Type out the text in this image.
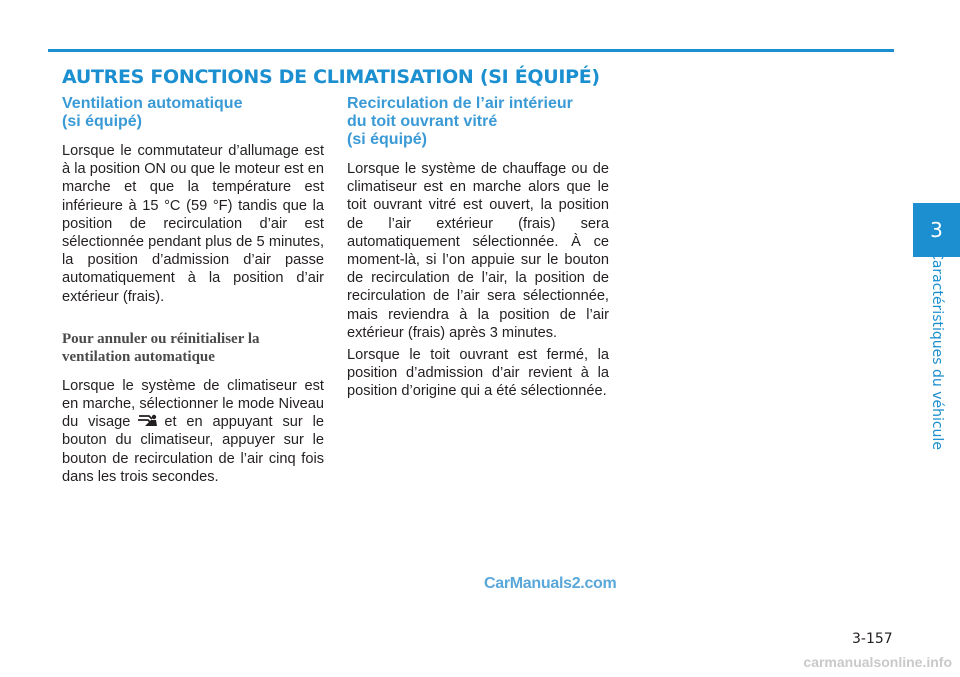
AUTRES FONCTIONS DE CLIMATISATION (SI ÉQUIPÉ)
Ventilation automatique
(si équipé)

Lorsque le commutateur d’allumage est à la position ON ou que le moteur est en marche et que la température est inférieure à 15 °C (59 °F) tandis que la position de recirculation d’air est sélectionnée pendant plus de 5 minutes, la position d’admission d’air passe automatiquement à la position d’air extérieur (frais).

Pour annuler ou réinitialiser la
ventilation automatique

Lorsque le système de climatiseur est en marche, sélectionner le mode Niveau du visage et en appuyant sur le bouton du climatiseur, appuyer sur le bouton de recirculation de l’air cinq fois dans les trois secondes.

Recirculation de l’air intérieur
du toit ouvrant vitré
(si équipé)

Lorsque le système de chauffage ou de climatiseur est en marche alors que le toit ouvrant vitré est ouvert, la position de l’air extérieur (frais) sera automatiquement sélectionnée. À ce moment-là, si l’on appuie sur le bouton de recirculation de l’air, la position de recirculation de l’air sera sélectionnée, mais reviendra à la position de l’air extérieur (frais) après 3 minutes.

Lorsque le toit ouvrant est fermé, la position d’admission d’air revient à la position d’origine qui a été sélectionnée.

3
Caractéristiques du véhicule
CarManuals2.com
3-157
carmanualsonline.info
